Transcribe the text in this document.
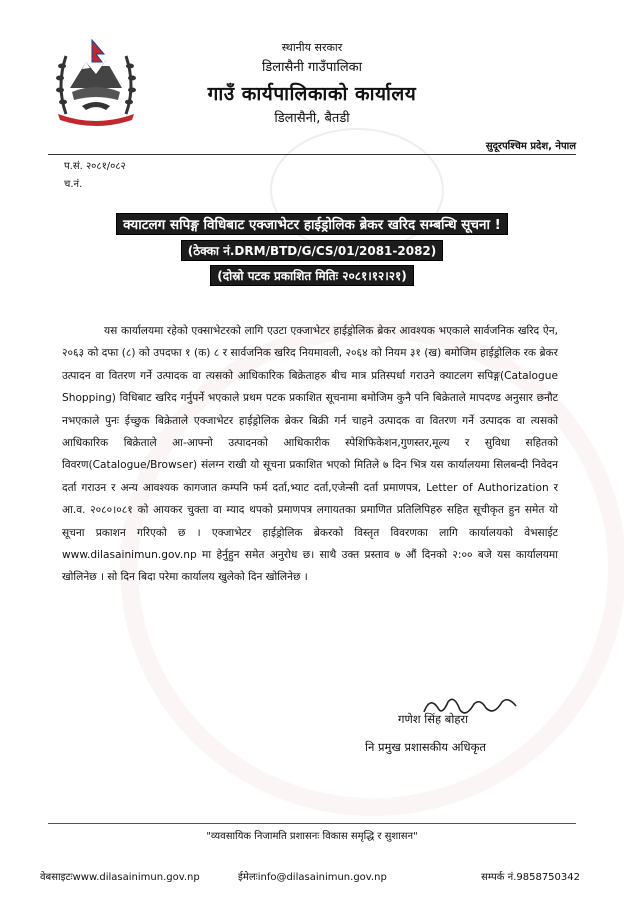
स्थानीय सरकार
डिलासैनी गाउँपालिका
गाउँ कार्यपालिकाको कार्यालय
डिलासैनी, बैतडी
सुदूरपश्चिम प्रदेश, नेपाल
प.सं. २०८१/०८२
च.नं.
क्याटलग सपिङ्ग विधिबाट एक्जाभेटर हाईड्रोलिक ब्रेकर खरिद सम्बन्धि सूचना !
(ठेक्का नं.DRM/BTD/G/CS/01/2081-2082)
(दोस्रो पटक प्रकाशित मितिः २०८१।१२।२१)
यस कार्यालयमा रहेको एक्साभेटरको लागि एउटा एक्जाभेटर हाईड्रोलिक ब्रेकर आवश्यक भएकाले सार्वजनिक खरिद ऐन, २०६३ को दफा (८) को उपदफा १ (क) ८ र सार्वजनिक खरिद नियमावली, २०६४ को नियम ३१ (ख) बमोजिम हाईड्रोलिक रक ब्रेकर उत्पादन वा वितरण गर्ने उत्पादक वा त्यसको आधिकारिक बिक्रेताहरु बीच मात्र प्रतिस्पर्धा गराउने क्याटलग सपिङ्ग(Catalogue Shopping) विधिबाट खरिद गर्नुपर्ने भएकाले प्रथम पटक प्रकाशित सूचनामा बमोजिम कुनै पनि बिक्रेताले मापदण्ड अनुसार छनौट नभएकाले पुनः ईच्छुक बिक्रेताले एक्जाभेटर हाईड्रोलिक ब्रेकर बिक्री गर्न चाहने उत्पादक वा वितरण गर्ने उत्पादक वा त्यसको आधिकारिक बिक्रेताले आ-आफ्नो उत्पादनको आधिकारीक स्पेशिफिकेशन,गुणस्तर,मूल्य र सुविधा सहितको विवरण(Catalogue/Browser) संलग्न राखी यो सूचना प्रकाशित भएको मितिले ७ दिन भित्र यस कार्यालयमा सिलबन्दी निवेदन दर्ता गराउन र अन्य आवश्यक कागजात कम्पनि फर्म दर्ता,भ्याट दर्ता,एजेन्सी दर्ता प्रमाणपत्र, Letter of Authorization र आ.व. २०८०।०८१ को आयकर चुक्ता वा म्याद थपको प्रमाणपत्र लगायतका प्रमाणित प्रतिलिपिहरु सहित सूचीकृत हुन समेत यो सूचना प्रकाशन गरिएको छ । एक्जाभेटर हाईड्रोलिक ब्रेकरको विस्तृत विवरणका लागि कार्यालयको वेभसाईट www.dilasainimun.gov.np मा हेर्नुहुन समेत अनुरोध छ। साथै उक्त प्रस्ताव ७ औं दिनको २:०० बजे यस कार्यालयमा खोलिनेछ । सो दिन बिदा परेमा कार्यालय खुलेको दिन खोलिनेछ ।
गणेश सिंह बोहरा
नि प्रमुख प्रशासकीय अधिकृत
"व्यवसायिक निजामति प्रशासनः विकास समृद्धि र सुशासन"
वेबसाइटःwww.dilasainimun.gov.np	ईमेलःinfo@dilasainimun.gov.np	सम्पर्क नं.9858750342
